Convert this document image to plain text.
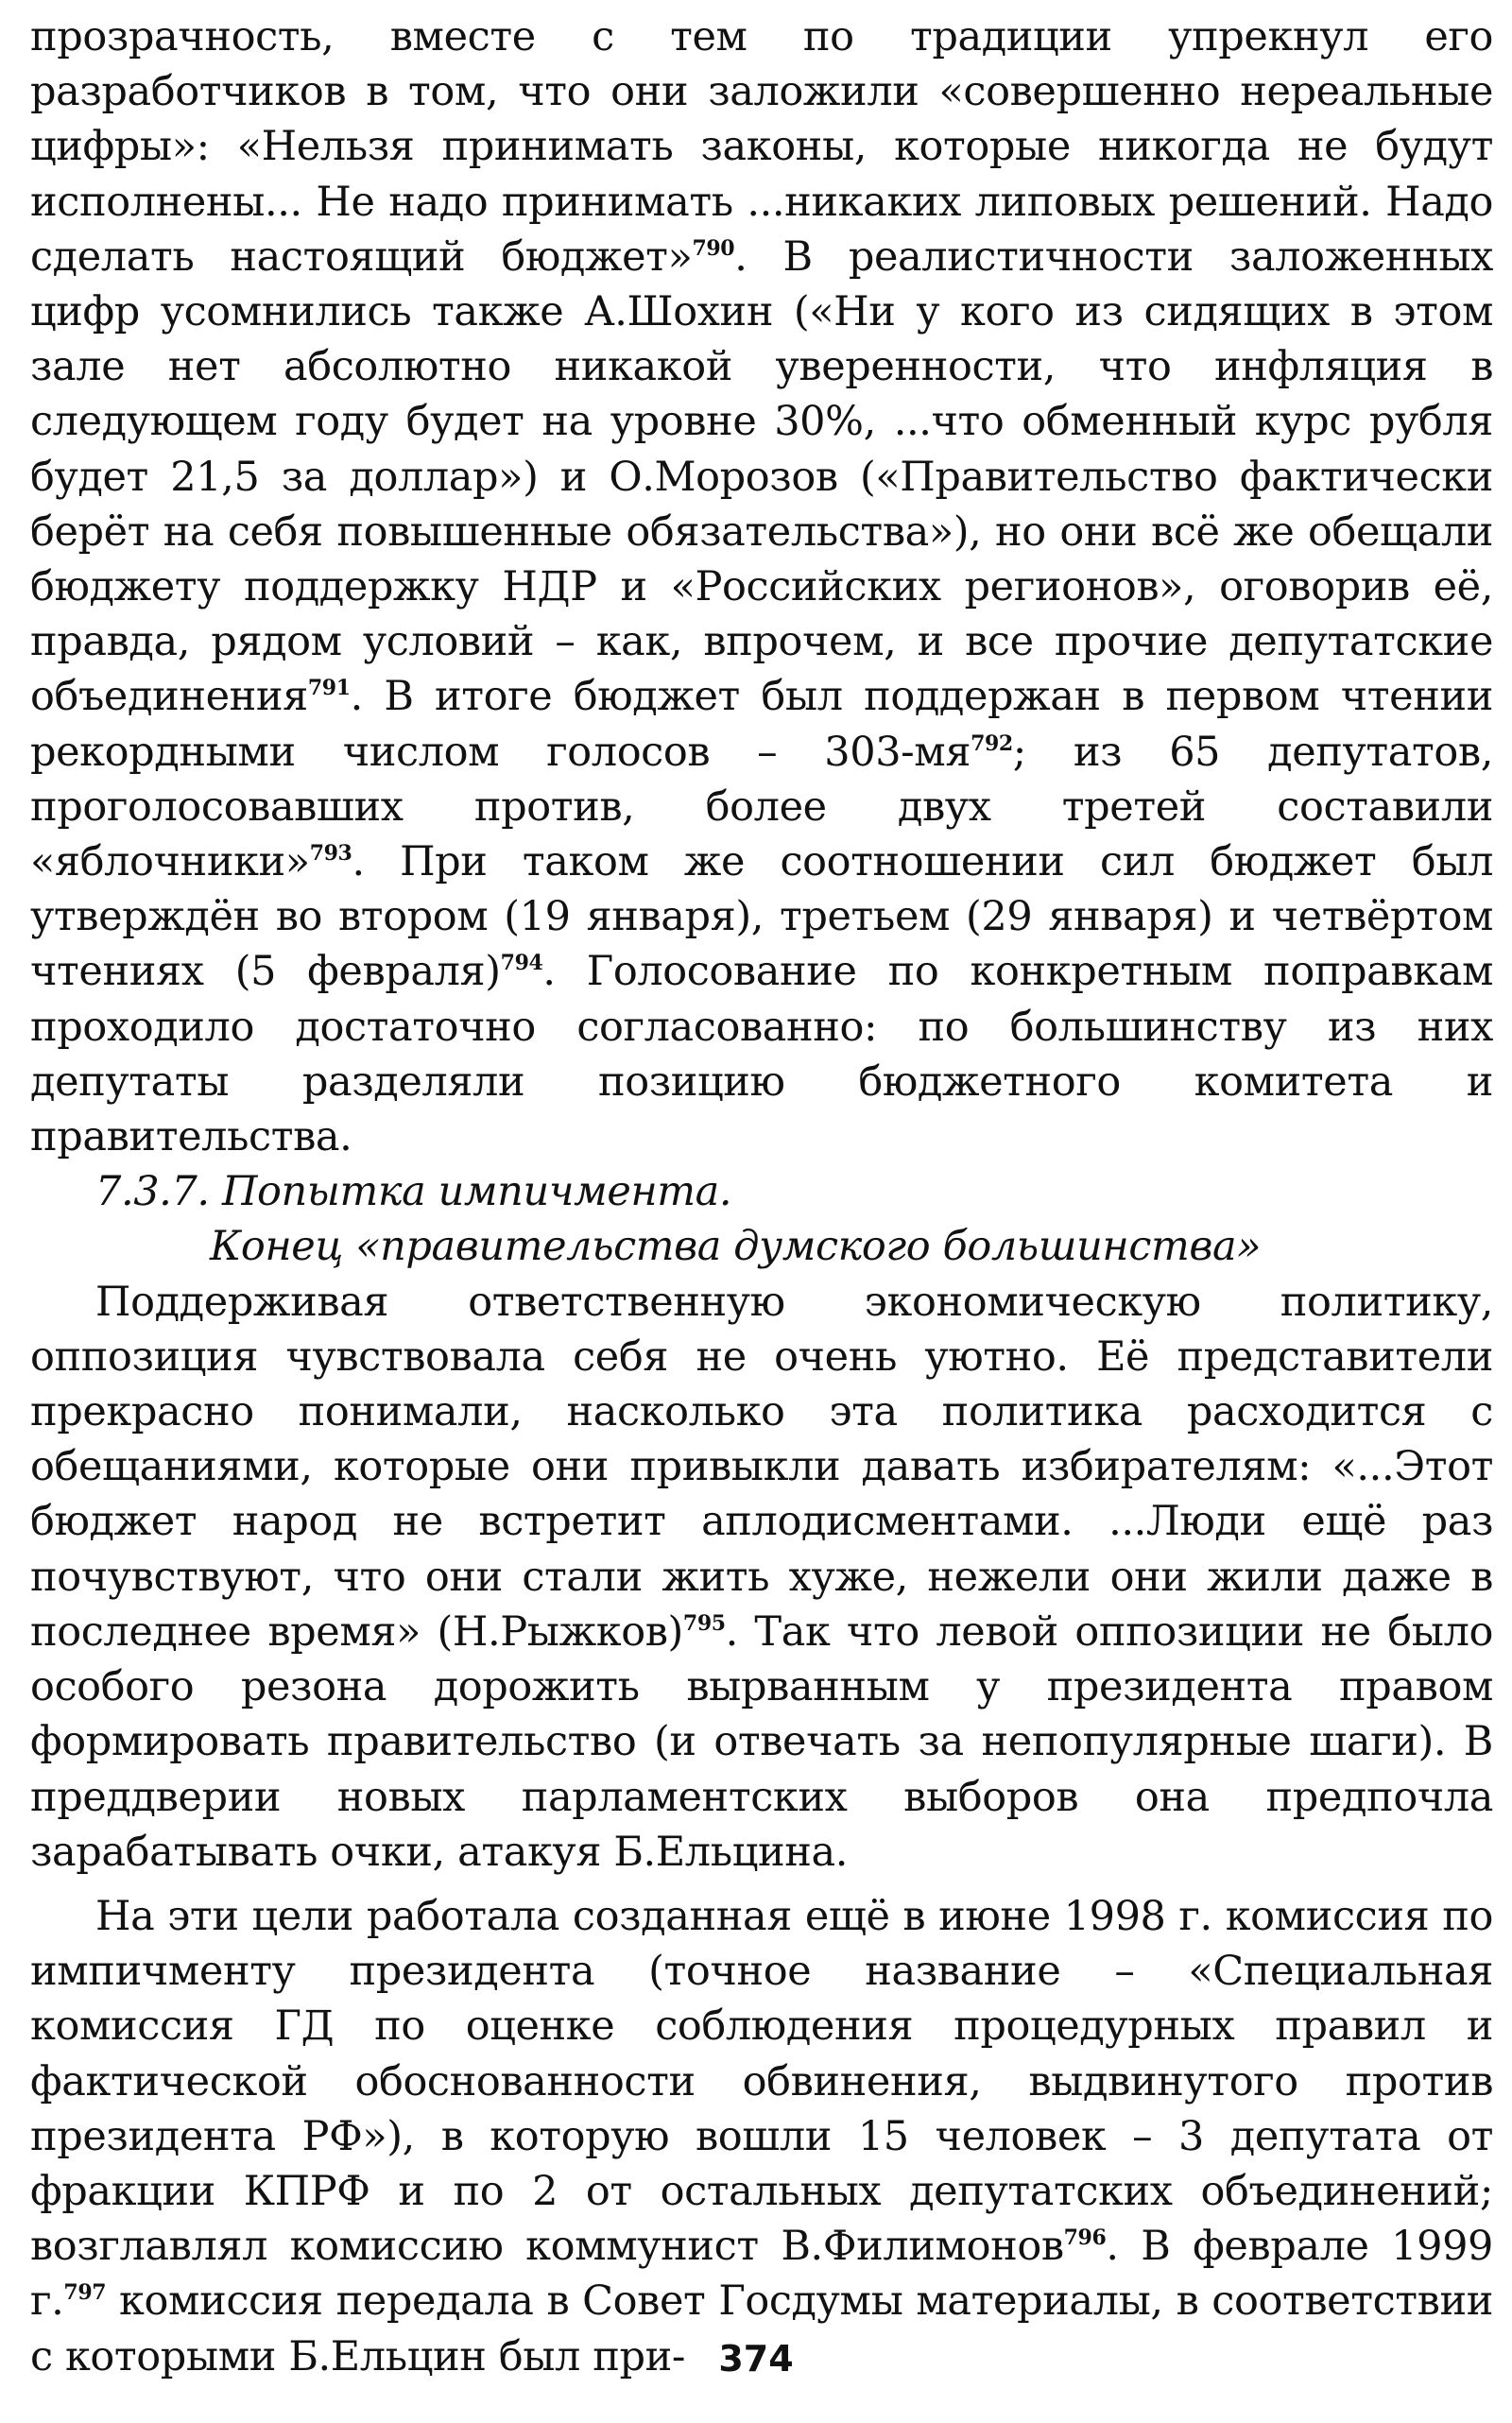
прозрачность, вместе с тем по традиции упрекнул его разработчиков в том, что они заложили «совершенно нереальные цифры»: «Нельзя принимать законы, которые никогда не будут исполнены... Не надо принимать ...никаких липовых решений. Надо сделать настоящий бюджет»$^{790}$. В реалистичности заложенных цифр усомнились также А.Шохин («Ни у кого из сидящих в этом зале нет абсолютно никакой уверенности, что инфляция в следующем году будет на уровне 30%, ...что обменный курс рубля будет 21,5 за доллар») и О.Морозов («Правительство фактически берёт на себя повышенные обязательства»), но они всё же обещали бюджету поддержку НДР и «Российских регионов», оговорив её, правда, рядом условий – как, впрочем, и все прочие депутатские объединения$^{791}$. В итоге бюджет был поддержан в первом чтении рекордными числом голосов – $303-мя^{792}$; из 65 депутатов, проголосовавших против, более двух третей составили «яблочники»$^{793}$. При таком же соотношении сил бюджет был утверждён во втором (19 января), третьем (29 января) и четвёртом чтениях (5 февраля)$^{794}$. Голосование по конкретным поправкам проходило достаточно согласованно: по большинству из них депутаты разделяли позицию бюджетного комитета и правительства.

7.3.7. Попытка импичмента.

Конец «правительства думского большинства»

Поддерживая ответственную экономическую политику, оппозиция чувствовала себя не очень уютно. Её представители прекрасно понимали, насколько эта политика расходится с обещаниями, которые они привыкли давать избирателям: «...Этот бюджет народ не встретит аплодисментами. ...Люди ещё раз почувствуют, что они стали жить хуже, нежели они жили даже в последнее время» (Н.Рыжков)$^{795}$. Так что левой оппозиции не было особого резона дорожить вырванным у президента правом формировать правительство (и отвечать за непопулярные шаги). В преддверии новых парламентских выборов она предпочла зарабатывать очки, атакуя Б.Ельцина.

На эти цели работала созданная ещё в июне 1998 г. комиссия по импичменту президента (точное название – «Специальная комиссия ГД по оценке соблюдения процедурных правил и фактической обоснованности обвинения, выдвинутого против президента РФ»), в которую вошли 15 человек – 3 депутата от фракции КПРФ и по 2 от остальных депутатских объединений; возглавлял комиссию коммунист В.Филимонов$^{796}$. В феврале 1999 г.$^{797}$ комиссия передала в Совет Госдумы материалы, в соответствии с которыми Б.Ельцин был при- 374
